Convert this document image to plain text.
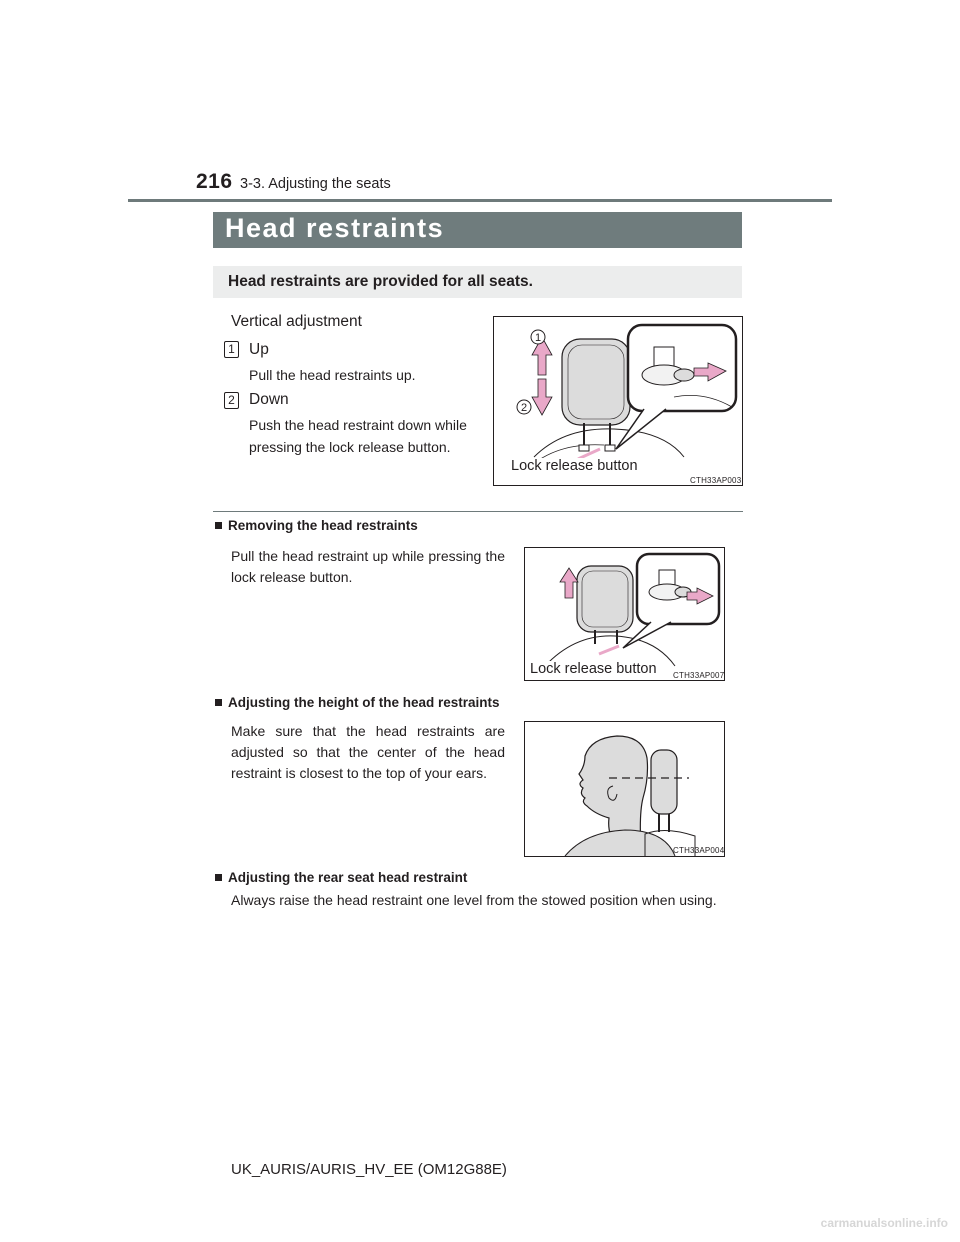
216 3-3. Adjusting the seats
Head restraints
Head restraints are provided for all seats.
Vertical adjustment
1 Up
Pull the head restraints up.
2 Down
Push the head restraint down while pressing the lock release button.
1
2
Lock release button
CTH33AP003
Removing the head restraints
Pull the head restraint up while pressing the lock release button.
Lock release button CTH33AP007
Adjusting the height of the head restraints
Make sure that the head restraints are adjusted so that the center of the head restraint is closest to the top of your ears.
CTH33AP004
Adjusting the rear seat head restraint
Always raise the head restraint one level from the stowed position when using.
UK_AURIS/AURIS_HV_EE (OM12G88E)
carmanualsonline.info
